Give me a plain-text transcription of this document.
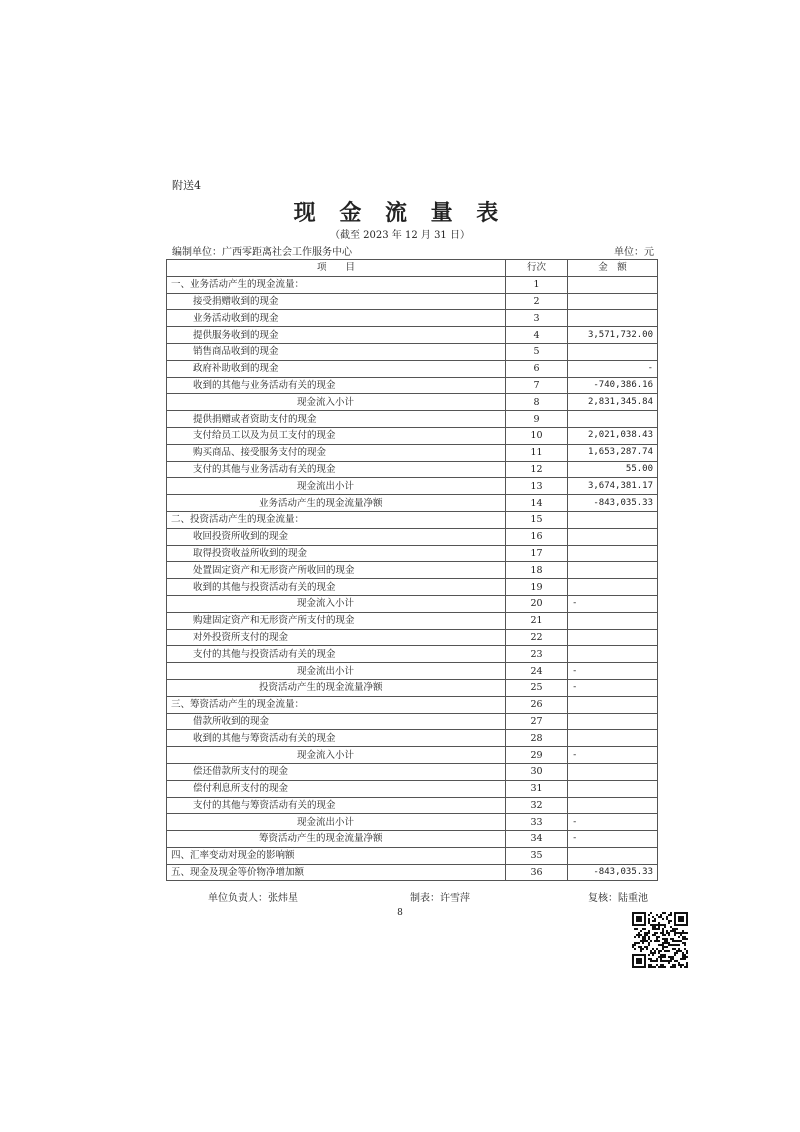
附送4
现 金 流 量 表
（截至 2023 年 12 月 31 日）
编制单位：广西零距离社会工作服务中心	单位：元
项　　目	行次	金　额
一、业务活动产生的现金流量：	1	
接受捐赠收到的现金	2	
业务活动收到的现金	3	
提供服务收到的现金	4	3,571,732.00
销售商品收到的现金	5	
政府补助收到的现金	6	-
收到的其他与业务活动有关的现金	7	-740,386.16
现金流入小计	8	2,831,345.84
提供捐赠或者资助支付的现金	9	
支付给员工以及为员工支付的现金	10	2,021,038.43
购买商品、接受服务支付的现金	11	1,653,287.74
支付的其他与业务活动有关的现金	12	55.00
现金流出小计	13	3,674,381.17
业务活动产生的现金流量净额	14	-843,035.33
二、投资活动产生的现金流量：	15	
收回投资所收到的现金	16	
取得投资收益所收到的现金	17	
处置固定资产和无形资产所收回的现金	18	
收到的其他与投资活动有关的现金	19	
现金流入小计	20	-
购建固定资产和无形资产所支付的现金	21	
对外投资所支付的现金	22	
支付的其他与投资活动有关的现金	23	
现金流出小计	24	-
投资活动产生的现金流量净额	25	-
三、筹资活动产生的现金流量：	26	
借款所收到的现金	27	
收到的其他与筹资活动有关的现金	28	
现金流入小计	29	-
偿还借款所支付的现金	30	
偿付利息所支付的现金	31	
支付的其他与筹资活动有关的现金	32	
现金流出小计	33	-
筹资活动产生的现金流量净额	34	-
四、汇率变动对现金的影响额	35	
五、现金及现金等价物净增加额	36	-843,035.33
单位负责人：张炜星	制表：许雪萍	复核：陆重池
8
